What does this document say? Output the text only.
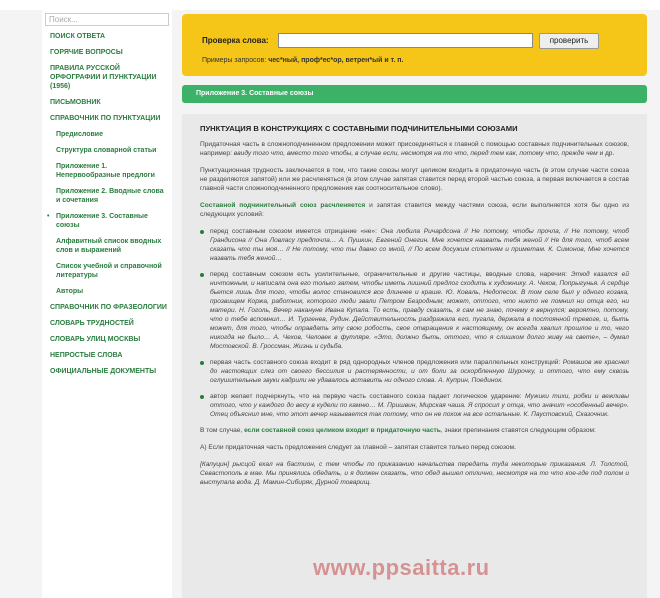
Поиск...
ПОИСК ОТВЕТА
ГОРЯЧИЕ ВОПРОСЫ
ПРАВИЛА РУССКОЙ ОРФОГРАФИИ И ПУНКТУАЦИИ (1956)
ПИСЬМОВНИК
СПРАВОЧНИК ПО ПУНКТУАЦИИ
Предисловие
Структура словарной статьи
Приложение 1. Непервообразные предлоги
Приложение 2. Вводные слова и сочетания
• Приложение 3. Составные союзы
Алфавитный список вводных слов и выражений
Список учебной и справочной литературы
Авторы
СПРАВОЧНИК ПО ФРАЗЕОЛОГИИ
СЛОВАРЬ ТРУДНОСТЕЙ
СЛОВАРЬ УЛИЦ МОСКВЫ
НЕПРОСТЫЕ СЛОВА
ОФИЦИАЛЬНЫЕ ДОКУМЕНТЫ
Проверка слова:	проверить
Примеры запросов: чес*ный, проф*ес*ор, ветрен*ый и т. п.
Приложение 3. Составные союзы
ПУНКТУАЦИЯ В КОНСТРУКЦИЯХ С СОСТАВНЫМИ ПОДЧИНИТЕЛЬНЫМИ СОЮЗАМИ

Придаточная часть в сложноподчиненном предложении может присоединяться к главной с помощью составных подчинительных союзов, например: ввиду того что, вместо того чтобы, в случае если, несмотря на то что, перед тем как, потому что, прежде чем и др.

Пунктуационная трудность заключается в том, что такие союзы могут целиком входить в придаточную часть (в этом случае части союза не разделяются запятой) или же расчленяться (в этом случае запятая ставится перед второй частью союза, а первая включается в состав главной части сложноподчиненного предложения как соотносительное слово).

Составной подчинительный союз расчленяется и запятая ставится между частями союза, если выполняется хотя бы одно из следующих условий:

перед составным союзом имеется отрицание «не»: Она любила Ричардсона // Не потому, чтобы прочла, // Не потому, чтоб Грандисона // Она Ловласу предпочла… А. Пушкин, Евгений Онегин. Мне хочется назвать тебя женой // Не для того, чтоб всем сказать что ты моя… // Не потому, что ты давно со мной, // По всем досужим сплетням и приметам. К. Симонов, Мне хочется назвать тебя женой…
перед составным союзом есть усилительные, ограничительные и другие частицы, вводные слова, наречия: Этюд казался ей ничтожным, и написала она его только затем, чтобы иметь лишний предлог сходить к художнику. А. Чехов, Попрыгунья. А сердце бьется лишь для того, чтобы волос становился все длиннее и краше. Ю. Коваль, Недопесок. В том селе был у одного козака, прозвищем Коржа, работник, которого люди звали Петром Безродным; может, оттого, что никто не помнил ни отца его, ни матери. Н. Гоголь, Вечер накануне Ивана Купала. То есть, правду сказать, я сам не знаю, почему я вернулся; вероятно, потому, что о тебе вспомнил… И. Тургенев, Рудин. Действительность раздражала его, пугала, держала в постоянной тревоге, и, быть может, для того, чтобы оправдать эту свою робость, свое отвращение к настоящему, он всегда хвалил прошлое и то, чего никогда не было… А. Чехов, Человек в футляре. «Это, должно быть, оттого, что я слишком долго живу на свете», – думал Мостовской. В. Гроссман, Жизнь и судьба.
первая часть составного союза входит в ряд однородных членов предложения или параллельных конструкций: Ромашов же краснел до настоящих слез от своего бессилия и растерянности, и от боли за оскорбленную Шурочку, и оттого, что ему сквозь оглушительные звуки кадрили не удавалось вставить ни одного слова. А. Куприн, Поединок.
автор желает подчеркнуть, что на первую часть составного союза падает логическое ударение: Мужики тихи, робки и вежливы оттого, что у каждого до весу в кудели по камню… М. Пришвин, Мирская чаша. Я спросил у отца, что значит «особенный вечер». Отец объяснил мне, что этот вечер называется так потому, что он не похож на все остальные. К. Паустовский, Сказочник.

В том случае, если составной союз целиком входит в придаточную часть, знаки препинания ставятся следующим образом:

А) Если придаточная часть предложения следует за главной – запятая ставится только перед союзом.

[Капуцин] рысцой ехал на бастион, с тем чтобы по приказанию начальства передать туда некоторые приказания. Л. Толстой, Севастополь в мае. Мы принялись обедать, и я должен сказать, что обед вышел отлично, несмотря на то что кое-где под полом и выступала вода. Д. Мамин-Сибиряк, Дурной товарищ.

www.ppsaitta.ru
